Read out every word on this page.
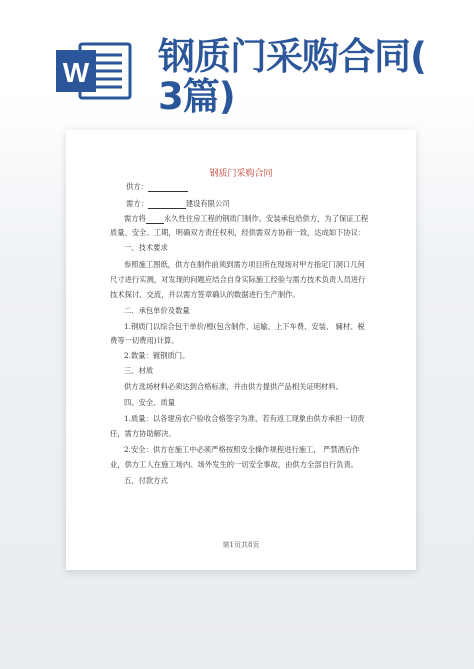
W 钢质门采购合同(
3篇)
钢质门采购合同

供方：

需方：	建设有限公司

需方将 永久性住房工程的钢质门制作、安装承包给供方，为了保证工程

质量、安全、工期，明确双方责任权利，经供需双方协商一致，达成如下协议：

一、技术要求

参照施工图纸，供方在制作前须到需方项目所在现场对甲方指定门洞口几何

尺寸进行实测，对发现的问题应结合自身实际施工经验与需方技术负责人员进行

技术探讨、交流，并以需方签章确认的数据进行生产制作。

二、承包单价及数量

1.钢质门以综合包干单价/樘(包含制作、运输、上下车费、安装、 辅材、税

费等一切费用)计算。

2.数量：镀钢质门。

三、材质

供方选场材料必须达到合格标准，并由供方提供产品相关证明材料。

四、安全、质量

1.质量：以各建房农户验收合格签字为准，若有返工现象由供方承担一切责

任，需方协助解决。

2.安全：供方在施工中必须严格按照安全操作规程进行施工， 严禁酒后作

业，供方工人在施工场内、场外发生的一切安全事故，由供方全部自行负责。

五、付款方式

第1页共8页
